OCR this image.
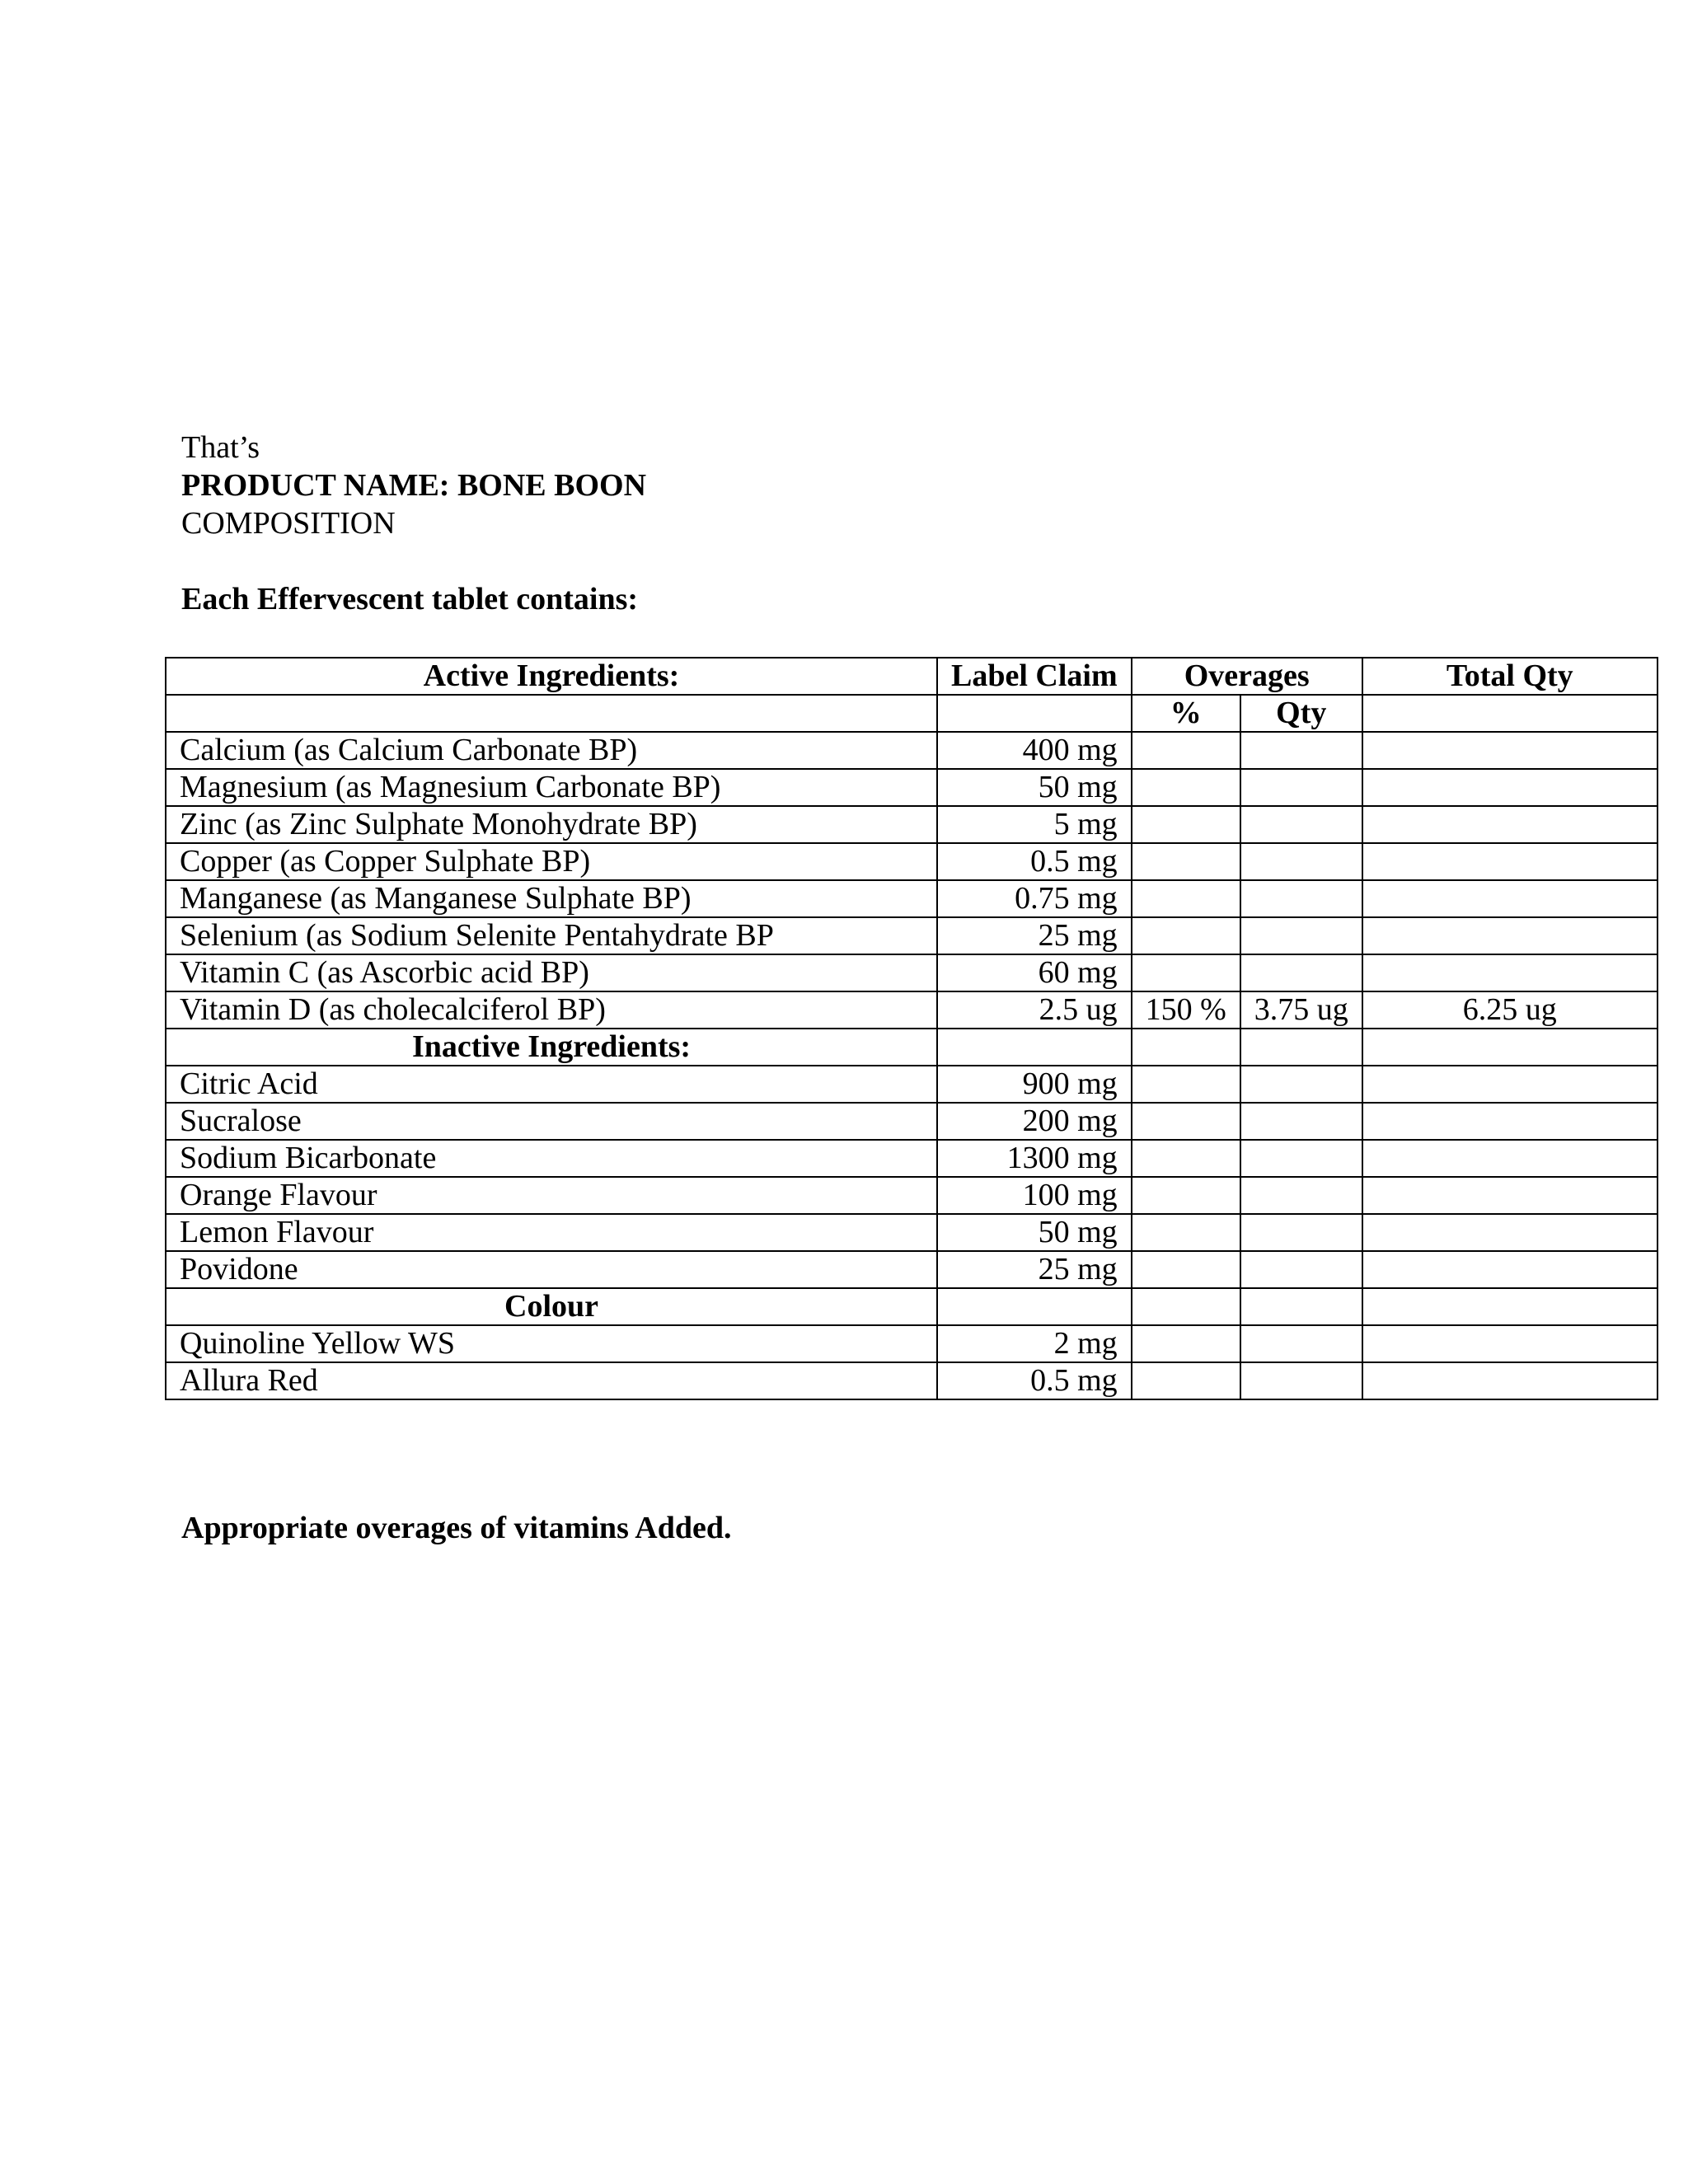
That’s
PRODUCT NAME: BONE BOON
COMPOSITION
Each Effervescent tablet contains:
Active Ingredients:	Label Claim	Overages		Total Qty
		%	Qty	
Calcium (as Calcium Carbonate BP)	400 mg			
Magnesium (as Magnesium Carbonate BP)	50 mg			
Zinc (as Zinc Sulphate Monohydrate BP)	5 mg			
Copper (as Copper Sulphate BP)	0.5 mg			
Manganese (as Manganese Sulphate BP)	0.75 mg			
Selenium (as Sodium Selenite Pentahydrate BP	25 mg			
Vitamin C (as Ascorbic acid BP)	60 mg			
Vitamin D (as cholecalciferol BP)	2.5 ug	150 %	3.75 ug	6.25 ug
Inactive Ingredients:				
Citric Acid	900 mg			
Sucralose	200 mg			
Sodium Bicarbonate	1300 mg			
Orange Flavour	100 mg			
Lemon Flavour	50 mg			
Povidone	25 mg			
Colour				
Quinoline Yellow WS	2 mg			
Allura Red	0.5 mg			
Appropriate overages of vitamins Added.
